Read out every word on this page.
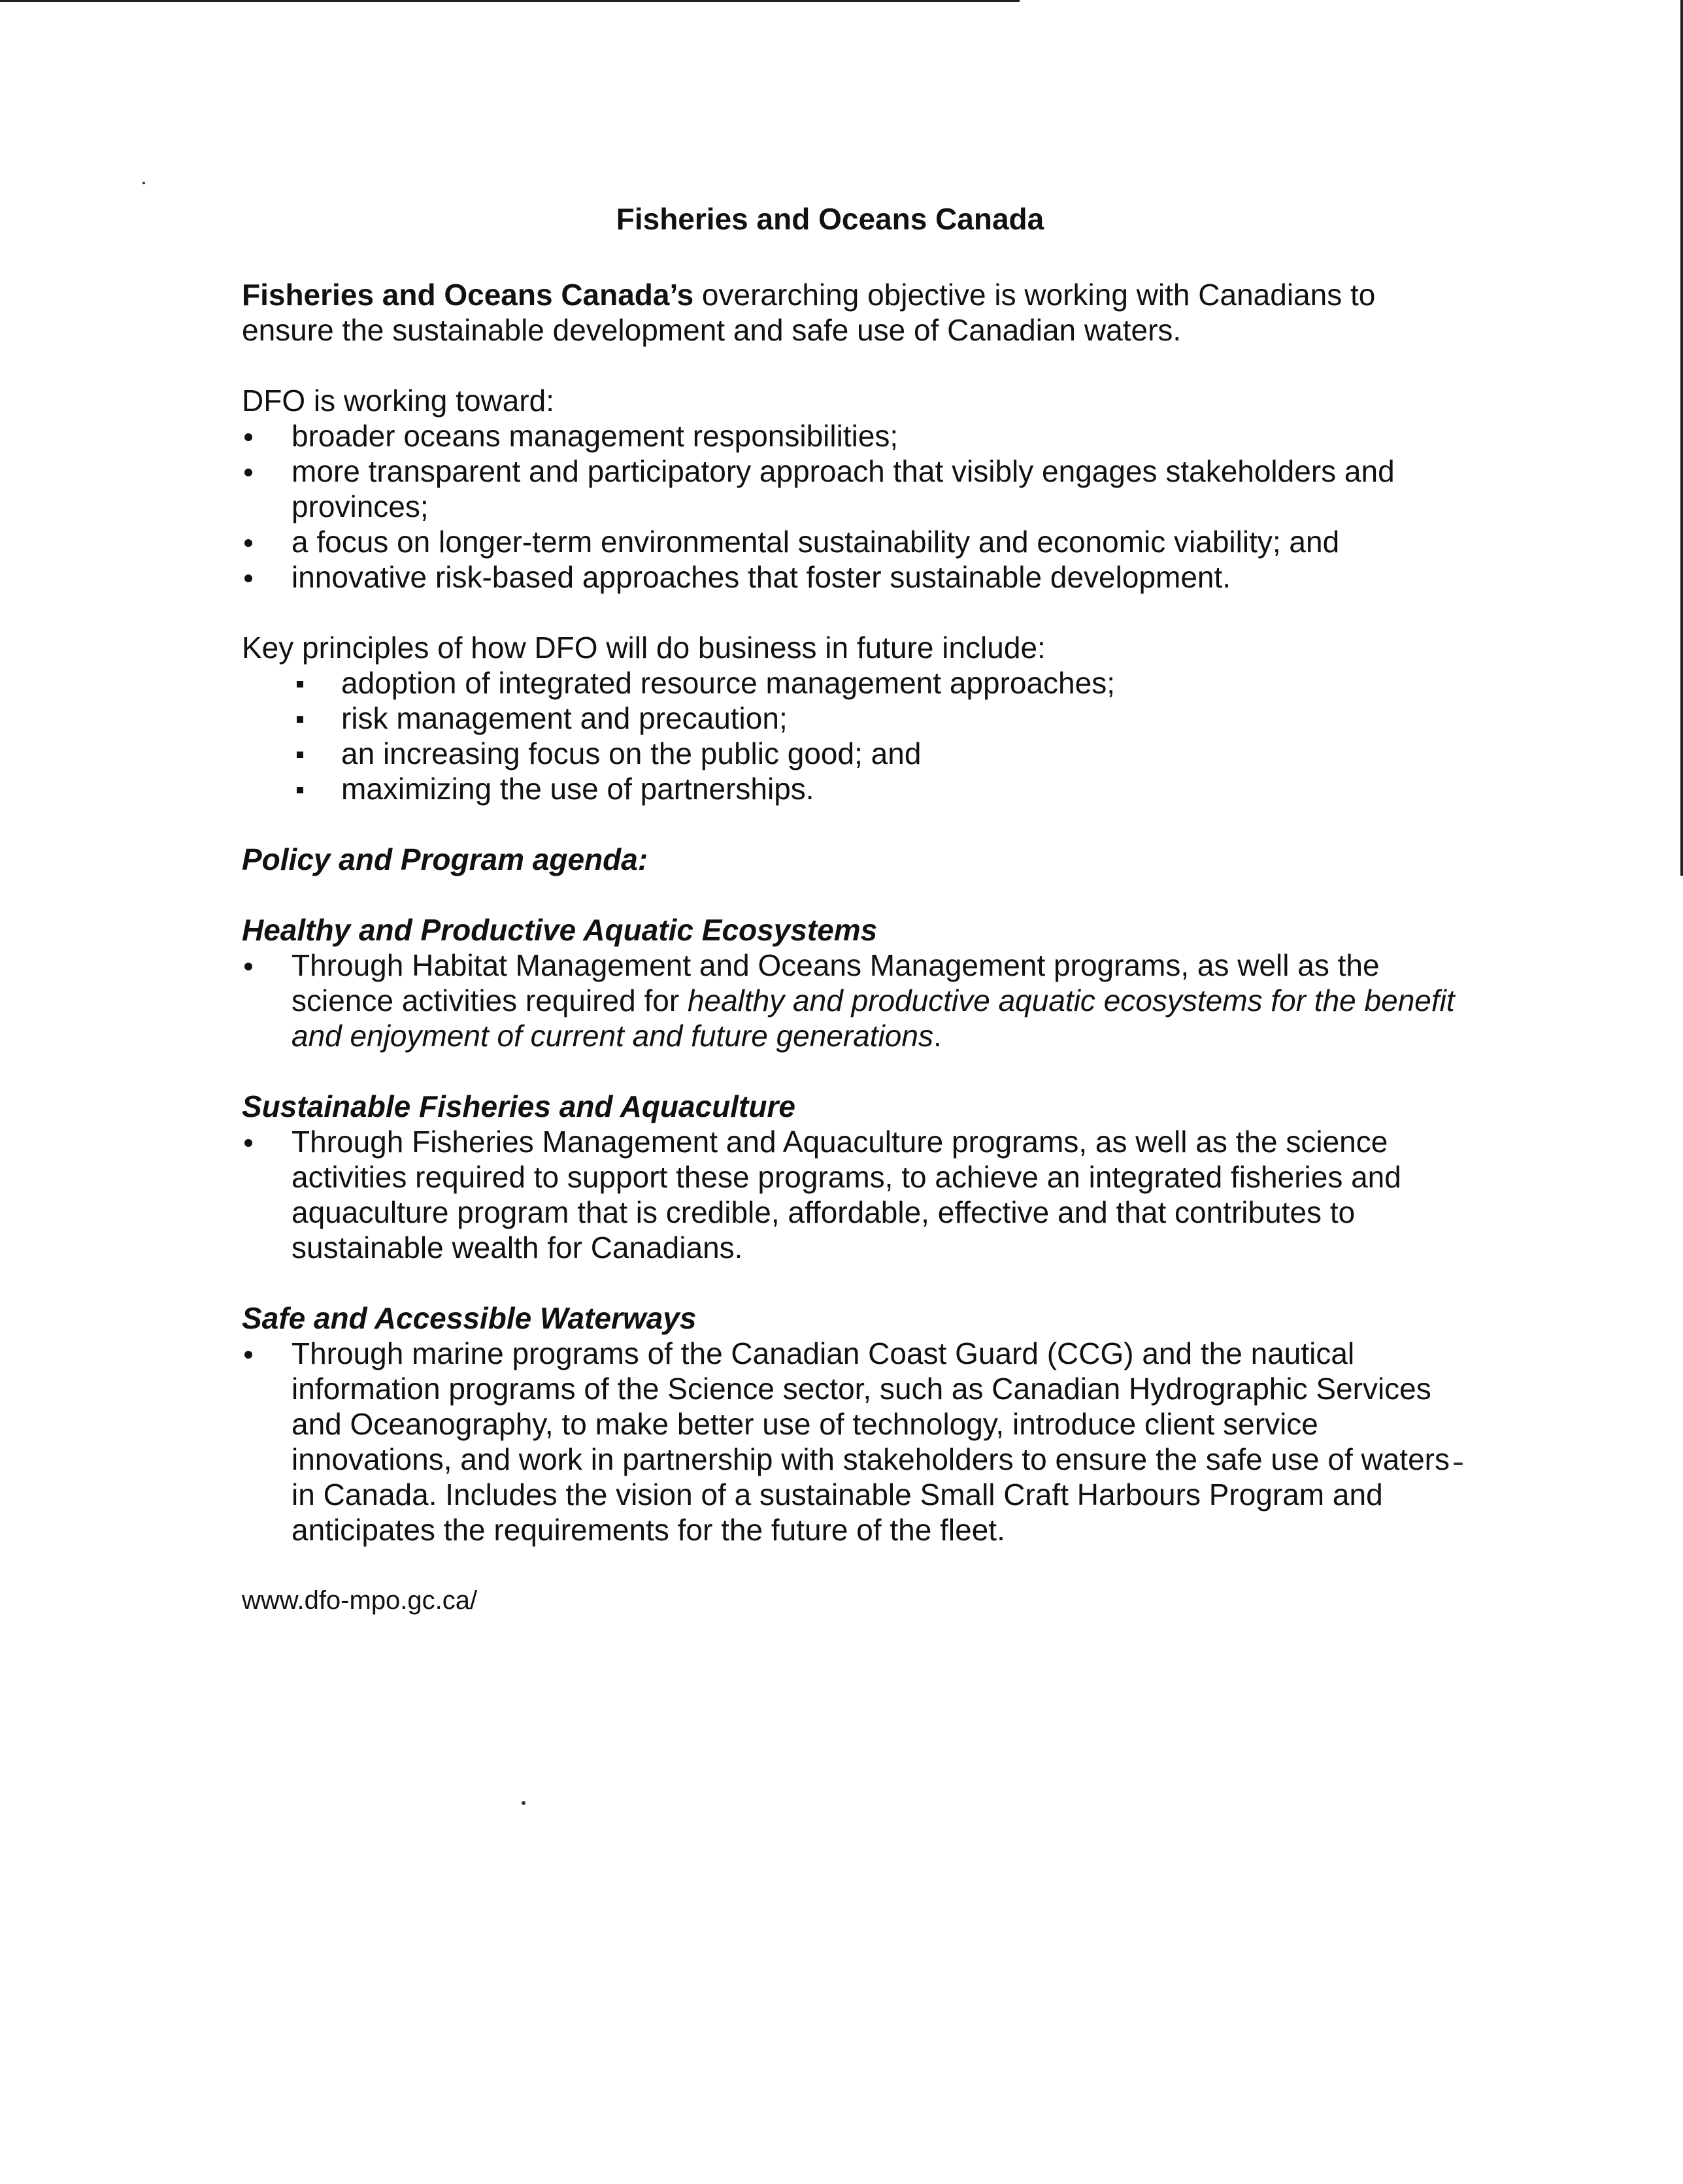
Fisheries and Oceans Canada

Fisheries and Oceans Canada’s overarching objective is working with Canadians to ensure the sustainable development and safe use of Canadian waters.

DFO is working toward:

broader oceans management responsibilities;
more transparent and participatory approach that visibly engages stakeholders and provinces;
a focus on longer-term environmental sustainability and economic viability; and
innovative risk-based approaches that foster sustainable development.

Key principles of how DFO will do business in future include:

adoption of integrated resource management approaches;
risk management and precaution;
an increasing focus on the public good; and
maximizing the use of partnerships.

Policy and Program agenda:

Healthy and Productive Aquatic Ecosystems

Through Habitat Management and Oceans Management programs, as well as the science activities required for healthy and productive aquatic ecosystems for the benefit and enjoyment of current and future generations.

Sustainable Fisheries and Aquaculture

Through Fisheries Management and Aquaculture programs, as well as the science activities required to support these programs, to achieve an integrated fisheries and aquaculture program that is credible, affordable, effective and that contributes to sustainable wealth for Canadians.

Safe and Accessible Waterways

Through marine programs of the Canadian Coast Guard (CCG) and the nautical information programs of the Science sector, such as Canadian Hydrographic Services and Oceanography, to make better use of technology, introduce client service innovations, and work in partnership with stakeholders to ensure the safe use of waters in Canada. Includes the vision of a sustainable Small Craft Harbours Program and anticipates the requirements for the future of the fleet.

www.dfo-mpo.gc.ca/
